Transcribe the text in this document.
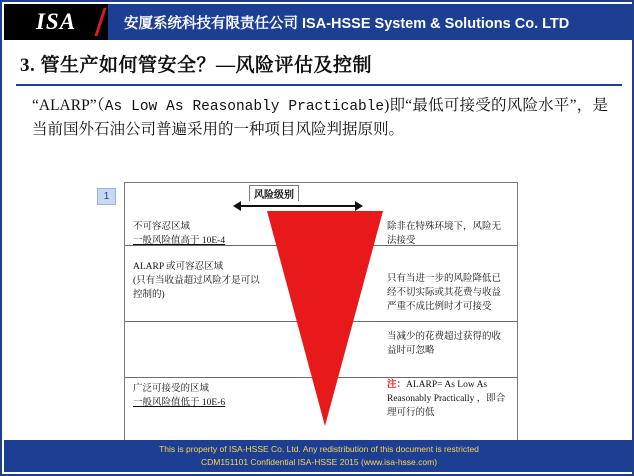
ISA	安厦系统科技有限责任公司 ISA-HSSE System & Solutions Co. LTD
3. 管生产如何管安全？—风险评估及控制
“ALARP”（As Low As Reasonably Practicable)即“最低可接受的风险水平”，是当前国外石油公司普遍采用的一种项目风险判据原则。
1	风险级别
不可容忍区域
一般风险值高于 10E-4
ALARP 或可容忍区域
(只有当收益超过风险才是可以控制的)
广泛可接受的区域
一般风险值低于 10E-6
除非在特殊环境下，风险无法接受
只有当进一步的风险降低已经不切实际或其花费与收益严重不成比例时才可接受
当减少的花费超过获得的收益时可忽略
注：ALARP= As Low As Reasonably Practically ，即合理可行的低
This is property of ISA-HSSE Co. Ltd. Any redistribution of this document is restricted
CDM151101 Confidential ISA-HSSE 2015 (www.isa-hsse.com)
